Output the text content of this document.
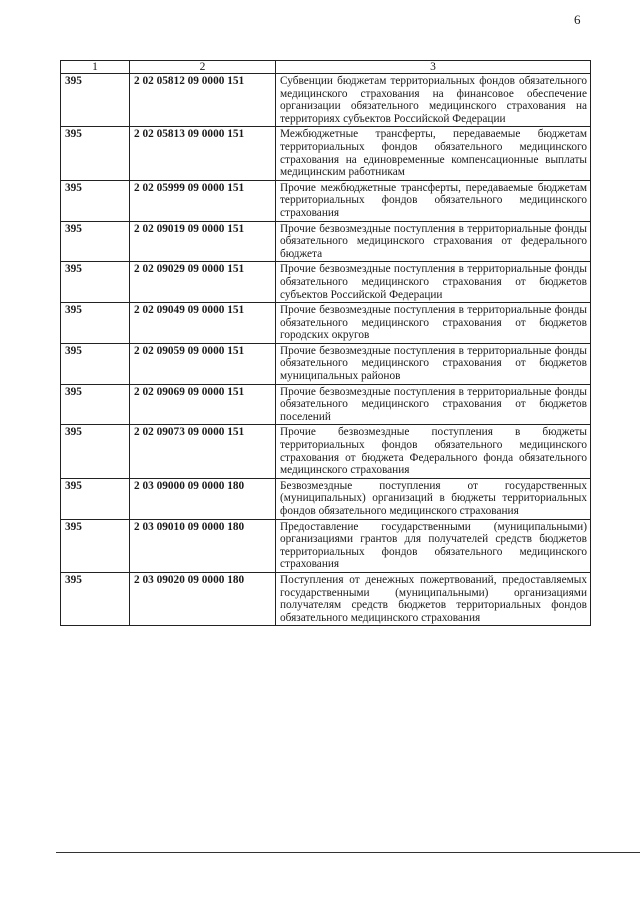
6
1	2	3
395	2 02 05812 09 0000 151	Субвенции бюджетам территориальных фондов обязательного медицинского страхования на финансовое обеспечение организации обязательного медицинского страхования на территориях субъектов Российской Федерации
395	2 02 05813 09 0000 151	Межбюджетные трансферты, передаваемые бюджетам территориальных фондов обязательного медицинского страхования на единовременные компенсационные выплаты медицинским работникам
395	2 02 05999 09 0000 151	Прочие межбюджетные трансферты, передаваемые бюджетам территориальных фондов обязательного медицинского страхования
395	2 02 09019 09 0000 151	Прочие безвозмездные поступления в территориальные фонды обязательного медицинского страхования от федерального бюджета
395	2 02 09029 09 0000 151	Прочие безвозмездные поступления в территориальные фонды обязательного медицинского страхования от бюджетов субъектов Российской Федерации
395	2 02 09049 09 0000 151	Прочие безвозмездные поступления в территориальные фонды обязательного медицинского страхования от бюджетов городских округов
395	2 02 09059 09 0000 151	Прочие безвозмездные поступления в территориальные фонды обязательного медицинского страхования от бюджетов муниципальных районов
395	2 02 09069 09 0000 151	Прочие безвозмездные поступления в территориальные фонды обязательного медицинского страхования от бюджетов поселений
395	2 02 09073 09 0000 151	Прочие безвозмездные поступления в бюджеты территориальных фондов обязательного медицинского страхования от бюджета Федерального фонда обязательного медицинского страхования
395	2 03 09000 09 0000 180	Безвозмездные поступления от государственных (муниципальных) организаций в бюджеты территориальных фондов обязательного медицинского страхования
395	2 03 09010 09 0000 180	Предоставление государственными (муниципальными) организациями грантов для получателей средств бюджетов территориальных фондов обязательного медицинского страхования
395	2 03 09020 09 0000 180	Поступления от денежных пожертвований, предоставляемых государственными (муниципальными) организациями получателям средств бюджетов территориальных фондов обязательного медицинского страхования
